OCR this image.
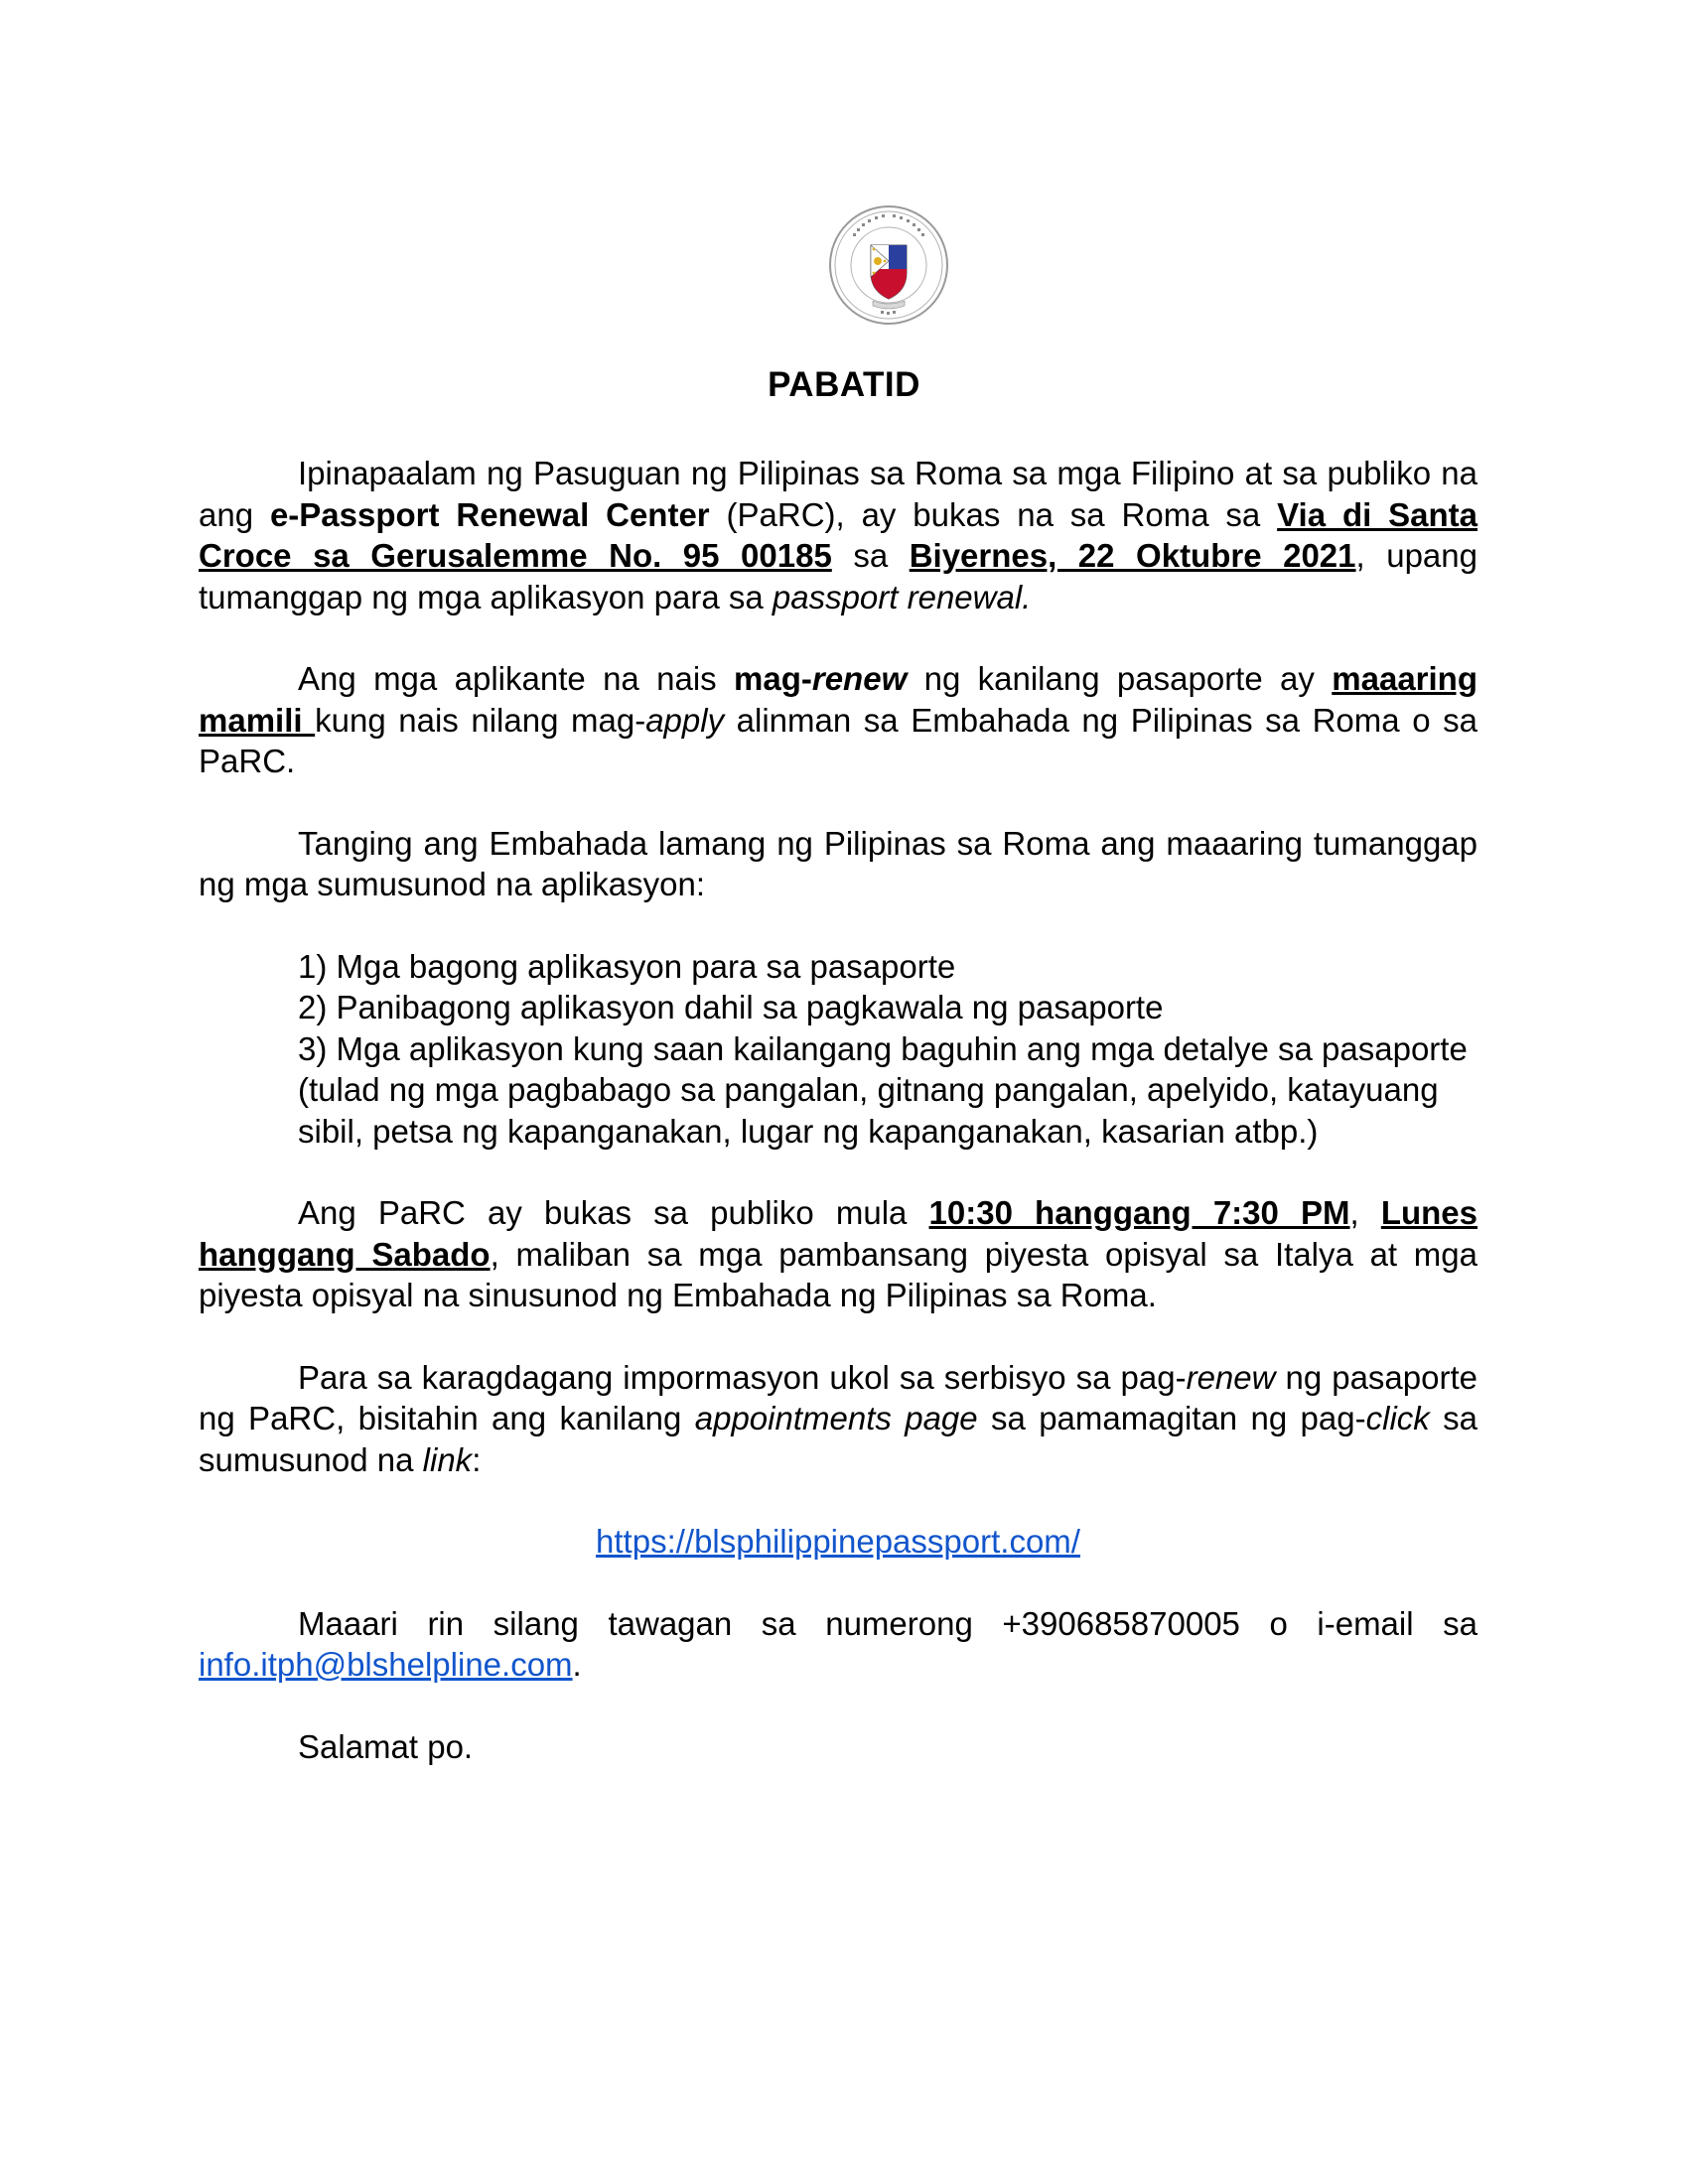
PABATID

Ipinapaalam ng Pasuguan ng Pilipinas sa Roma sa mga Filipino at sa publiko na ang e-Passport Renewal Center (PaRC), ay bukas na sa Roma sa Via di Santa Croce sa Gerusalemme No. 95 00185 sa Biyernes, 22 Oktubre 2021, upang tumanggap ng mga aplikasyon para sa passport renewal.

Ang mga aplikante na nais mag-renew ng kanilang pasaporte ay maaaring mamili kung nais nilang mag-apply alinman sa Embahada ng Pilipinas sa Roma o sa PaRC.

Tanging ang Embahada lamang ng Pilipinas sa Roma ang maaaring tumanggap ng mga sumusunod na aplikasyon:

1) Mga bagong aplikasyon para sa pasaporte

2) Panibagong aplikasyon dahil sa pagkawala ng pasaporte

3) Mga aplikasyon kung saan kailangang baguhin ang mga detalye sa pasaporte (tulad ng mga pagbabago sa pangalan, gitnang pangalan, apelyido, katayuang sibil, petsa ng kapanganakan, lugar ng kapanganakan, kasarian atbp.)

Ang PaRC ay bukas sa publiko mula 10:30 hanggang 7:30 PM, Lunes hanggang Sabado, maliban sa mga pambansang piyesta opisyal sa Italya at mga piyesta opisyal na sinusunod ng Embahada ng Pilipinas sa Roma.

Para sa karagdagang impormasyon ukol sa serbisyo sa pag-renew ng pasaporte ng PaRC, bisitahin ang kanilang appointments page sa pamamagitan ng pag-click sa sumusunod na link:

https://blsphilippinepassport.com/

Maaari rin silang tawagan sa numerong +390685870005 o i-email sa info.itph@blshelpline.com.

Salamat po.
